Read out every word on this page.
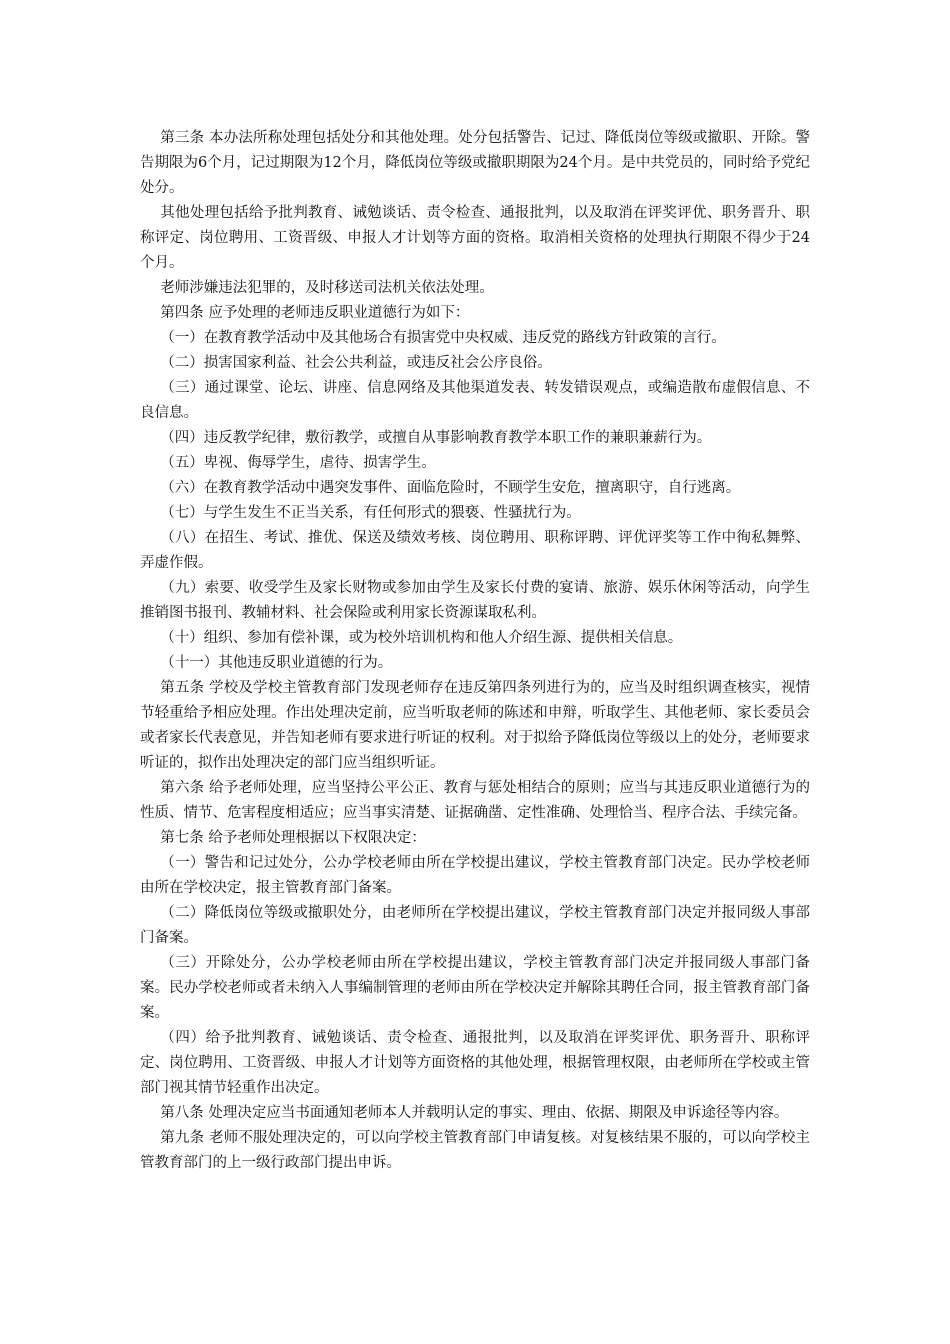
第三条 本办法所称处理包括处分和其他处理。处分包括警告、记过、降低岗位等级或撤职、开除。警告期限为6个月，记过期限为12个月，降低岗位等级或撤职期限为24个月。是中共党员的，同时给予党纪处分。

其他处理包括给予批判教育、诫勉谈话、责令检查、通报批判，以及取消在评奖评优、职务晋升、职称评定、岗位聘用、工资晋级、申报人才计划等方面的资格。取消相关资格的处理执行期限不得少于24个月。

老师涉嫌违法犯罪的，及时移送司法机关依法处理。

第四条 应予处理的老师违反职业道德行为如下：

（一）在教育教学活动中及其他场合有损害党中央权威、违反党的路线方针政策的言行。

（二）损害国家利益、社会公共利益，或违反社会公序良俗。

（三）通过课堂、论坛、讲座、信息网络及其他渠道发表、转发错误观点，或编造散布虚假信息、不良信息。

（四）违反教学纪律，敷衍教学，或擅自从事影响教育教学本职工作的兼职兼薪行为。

（五）卑视、侮辱学生，虐待、损害学生。

（六）在教育教学活动中遇突发事件、面临危险时，不顾学生安危，擅离职守，自行逃离。

（七）与学生发生不正当关系，有任何形式的猥亵、性骚扰行为。

（八）在招生、考试、推优、保送及绩效考核、岗位聘用、职称评聘、评优评奖等工作中徇私舞弊、弄虚作假。

（九）索要、收受学生及家长财物或参加由学生及家长付费的宴请、旅游、娱乐休闲等活动，向学生推销图书报刊、教辅材料、社会保险或利用家长资源谋取私利。

（十）组织、参加有偿补课，或为校外培训机构和他人介绍生源、提供相关信息。

（十一）其他违反职业道德的行为。

第五条 学校及学校主管教育部门发现老师存在违反第四条列进行为的，应当及时组织调查核实，视情节轻重给予相应处理。作出处理决定前，应当听取老师的陈述和申辩，听取学生、其他老师、家长委员会或者家长代表意见，并告知老师有要求进行听证的权利。对于拟给予降低岗位等级以上的处分，老师要求听证的，拟作出处理决定的部门应当组织听证。

第六条 给予老师处理，应当坚持公平公正、教育与惩处相结合的原则；应当与其违反职业道德行为的性质、情节、危害程度相适应；应当事实清楚、证据确凿、定性准确、处理恰当、程序合法、手续完备。

第七条 给予老师处理根据以下权限决定：

（一）警告和记过处分，公办学校老师由所在学校提出建议，学校主管教育部门决定。民办学校老师由所在学校决定，报主管教育部门备案。

（二）降低岗位等级或撤职处分，由老师所在学校提出建议，学校主管教育部门决定并报同级人事部门备案。

（三）开除处分，公办学校老师由所在学校提出建议，学校主管教育部门决定并报同级人事部门备案。民办学校老师或者未纳入人事编制管理的老师由所在学校决定并解除其聘任合同，报主管教育部门备案。

（四）给予批判教育、诫勉谈话、责令检查、通报批判，以及取消在评奖评优、职务晋升、职称评定、岗位聘用、工资晋级、申报人才计划等方面资格的其他处理，根据管理权限，由老师所在学校或主管部门视其情节轻重作出决定。

第八条 处理决定应当书面通知老师本人并载明认定的事实、理由、依据、期限及申诉途径等内容。

第九条 老师不服处理决定的，可以向学校主管教育部门申请复核。对复核结果不服的，可以向学校主管教育部门的上一级行政部门提出申诉。
